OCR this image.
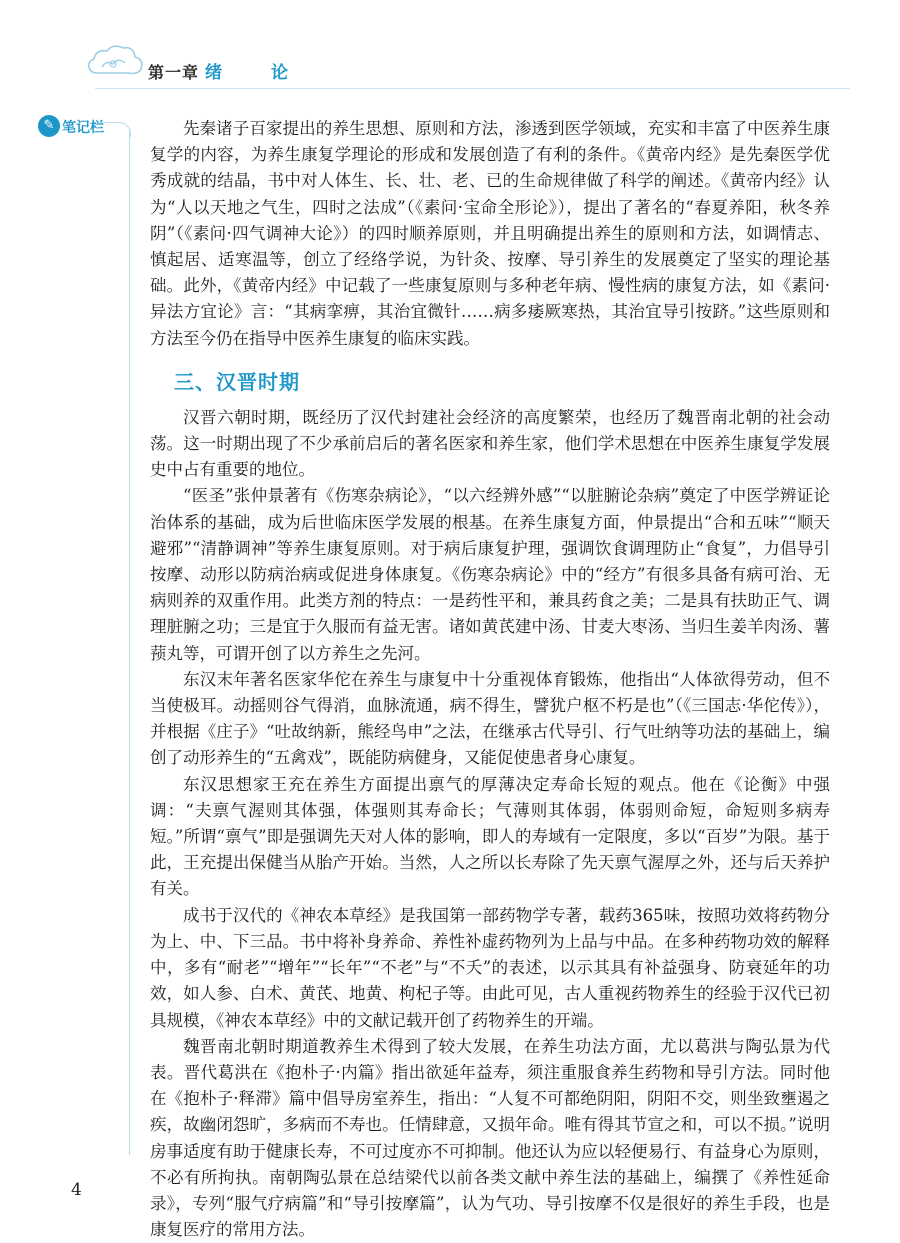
第一章 绪　论
✎ 笔记栏	先秦诸子百家提出的养生思想、原则和方法，渗透到医学领域，充实和丰富了中医养生康复学的内容，为养生康复学理论的形成和发展创造了有利的条件。《黄帝内经》是先秦医学优秀成就的结晶，书中对人体生、长、壮、老、已的生命规律做了科学的阐述。《黄帝内经》认为“人以天地之气生，四时之法成”（《素问·宝命全形论》），提出了著名的“春夏养阳，秋冬养阴”（《素问·四气调神大论》）的四时顺养原则，并且明确提出养生的原则和方法，如调情志、慎起居、适寒温等，创立了经络学说，为针灸、按摩、导引养生的发展奠定了坚实的理论基础。此外，《黄帝内经》中记载了一些康复原则与多种老年病、慢性病的康复方法，如《素问·异法方宜论》言：“其病挛痹，其治宜微针……病多痿厥寒热，其治宜导引按跻。”这些原则和方法至今仍在指导中医养生康复的临床实践。

三、汉晋时期

汉晋六朝时期，既经历了汉代封建社会经济的高度繁荣，也经历了魏晋南北朝的社会动荡。这一时期出现了不少承前启后的著名医家和养生家，他们学术思想在中医养生康复学发展史中占有重要的地位。

“医圣”张仲景著有《伤寒杂病论》，“以六经辨外感”“以脏腑论杂病”奠定了中医学辨证论治体系的基础，成为后世临床医学发展的根基。在养生康复方面，仲景提出“合和五味”“顺天避邪”“清静调神”等养生康复原则。对于病后康复护理，强调饮食调理防止“食复”，力倡导引按摩、动形以防病治病或促进身体康复。《伤寒杂病论》中的“经方”有很多具备有病可治、无病则养的双重作用。此类方剂的特点：一是药性平和，兼具药食之美；二是具有扶助正气、调理脏腑之功；三是宜于久服而有益无害。诸如黄芪建中汤、甘麦大枣汤、当归生姜羊肉汤、薯蓣丸等，可谓开创了以方养生之先河。

东汉末年著名医家华佗在养生与康复中十分重视体育锻炼，他指出“人体欲得劳动，但不当使极耳。动摇则谷气得消，血脉流通，病不得生，譬犹户枢不朽是也”（《三国志·华佗传》），并根据《庄子》“吐故纳新，熊经鸟申”之法，在继承古代导引、行气吐纳等功法的基础上，编创了动形养生的“五禽戏”，既能防病健身，又能促使患者身心康复。

东汉思想家王充在养生方面提出禀气的厚薄决定寿命长短的观点。他在《论衡》中强调：“夫禀气渥则其体强，体强则其寿命长；气薄则其体弱，体弱则命短，命短则多病寿短。”所谓“禀气”即是强调先天对人体的影响，即人的寿域有一定限度，多以“百岁”为限。基于此，王充提出保健当从胎产开始。当然，人之所以长寿除了先天禀气渥厚之外，还与后天养护有关。

成书于汉代的《神农本草经》是我国第一部药物学专著，载药365味，按照功效将药物分为上、中、下三品。书中将补身养命、养性补虚药物列为上品与中品。在多种药物功效的解释中，多有“耐老”“增年”“长年”“不老”与“不夭”的表述，以示其具有补益强身、防衰延年的功效，如人参、白术、黄芪、地黄、枸杞子等。由此可见，古人重视药物养生的经验于汉代已初具规模，《神农本草经》中的文献记载开创了药物养生的开端。

魏晋南北朝时期道教养生术得到了较大发展，在养生功法方面，尤以葛洪与陶弘景为代表。晋代葛洪在《抱朴子·内篇》指出欲延年益寿，须注重服食养生药物和导引方法。同时他在《抱朴子·释滞》篇中倡导房室养生，指出：“人复不可都绝阴阳，阴阳不交，则坐致壅遏之疾，故幽闭怨旷，多病而不寿也。任情肆意，又损年命。唯有得其节宣之和，可以不损。”说明房事适度有助于健康长寿，不可过度亦不可抑制。他还认为应以轻便易行、有益身心为原则，不必有所拘执。南朝陶弘景在总结梁代以前各类文献中养生法的基础上，编撰了《养性延命录》，专列“服气疗病篇”和“导引按摩篇”，认为气功、导引按摩不仅是很好的养生手段，也是康复医疗的常用方法。

4
